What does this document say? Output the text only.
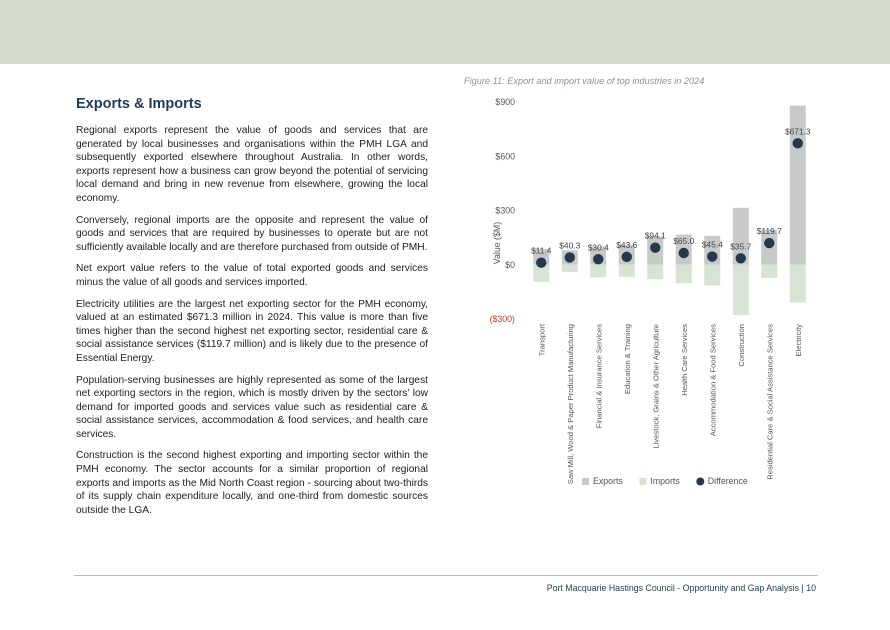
Exports & Imports

Regional exports represent the value of goods and services that are generated by local businesses and organisations within the PMH LGA and subsequently exported elsewhere throughout Australia. In other words, exports represent how a business can grow beyond the potential of servicing local demand and bring in new revenue from elsewhere, growing the local economy.

Conversely, regional imports are the opposite and represent the value of goods and services that are required by businesses to operate but are not sufficiently available locally and are therefore purchased from outside of PMH.

Net export value refers to the value of total exported goods and services minus the value of all goods and services imported.

Electricity utilities are the largest net exporting sector for the PMH economy, valued at an estimated $671.3 million in 2024. This value is more than five times higher than the second highest net exporting sector, residential care & social assistance services ($119.7 million) and is likely due to the presence of Essential Energy.

Population-serving businesses are highly represented as some of the largest net exporting sectors in the region, which is mostly driven by the sectors’ low demand for imported goods and services value such as residential care & social assistance services, accommodation & food services, and health care services.

Construction is the second highest exporting and importing sector within the PMH economy. The sector accounts for a similar proportion of regional exports and imports as the Mid North Coast region - sourcing about two-thirds of its supply chain expenditure locally, and one-third from domestic sources outside the LGA.

Figure 11: Export and import value of top industries in 2024
$900
$600
$300
$0
($300)
Value ($M)	$11.4
$40.3 $30.4 $43.6
$94.1
$65.0 $45.4 $35.7
$119.7
$671.3
Transport	Saw Mill, Wood & Paper Product Manufacturing	Financial & Insurance Services	Education & Training	Livestock, Grains & Other Agriculture	Health Care Services	Accommodation & Food Services	Construction	Residential Care & Social Assistance Services	Electricity
Exports	Imports	Difference
Port Macquarie Hastings Council - Opportunity and Gap Analysis | 10
